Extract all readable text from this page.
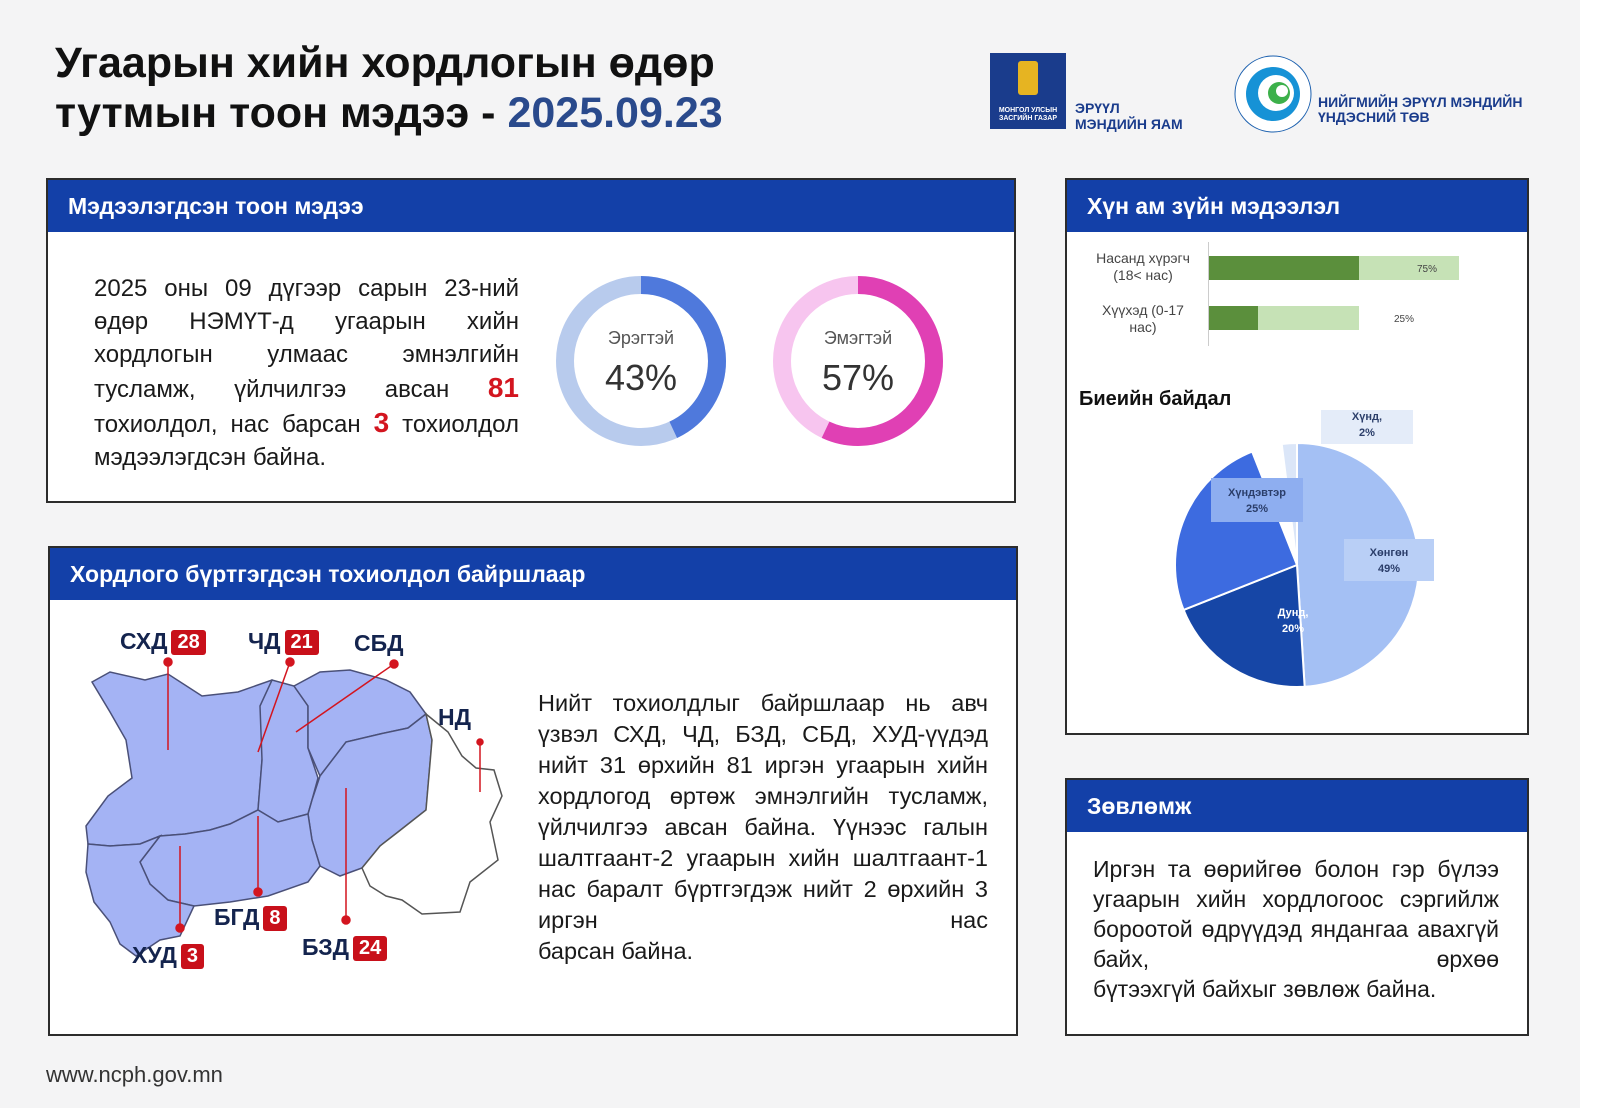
Угаарын хийн хордлогын өдөр
тутмын тоон мэдээ - 2025.09.23	МОНГОЛ УЛСЫН ЗАСГИЙН ГАЗАР
ЭРҮҮЛ
МЭНДИЙН ЯАМ
НИЙГМИЙН ЭРҮҮЛ МЭНДИЙН
ҮНДЭСНИЙ ТӨВ
Мэдээлэгдсэн тоон мэдээ

2025 оны 09 дүгээр сарын 23-ний өдөр НЭМҮТ-д угаарын хийн хордлогын улмаас эмнэлгийн тусламж, үйлчилгээ авсан 81 тохиолдол, нас барсан 3 тохиолдол

мэдээлэгдсэн байна.

Эрэгтэй
43%
Эмэгтэй
57%
Хордлого бүртгэгдсэн тохиолдол байршлаар
СХД 28 ЧД 21 СБД
НД
БГД 8
ХУД 3	БЗД 24

Нийт тохиолдлыг байршлаар нь авч үзвэл СХД, ЧД, БЗД, СБД, ХУД-үүдэд нийт 31 өрхийн 81 иргэн угаарын хийн хордлогод өртөж эмнэлгийн тусламж, үйлчилгээ авсан байна. Үүнээс галын шалтгаант-2 угаарын хийн шалтгаант-1 нас баралт бүртгэгдэж нийт 2 өрхийн 3 иргэн нас

барсан байна.

Хүн ам зүйн мэдээлэл
Насанд хүрэгч
(18< нас)
Хүүхэд (0-17
нас)
75%
25%
Биеийн байдал
Хүнд,
2%
Хөнгөн
49%
Дунд,
20%
Хүндэвтэр
25%
Зөвлөмж

Иргэн та өөрийгөө болон гэр бүлээ угаарын хийн хордлогоос сэргийлж бороотой өдрүүдэд яндангаа авахгүй байх, өрхөө

бүтээхгүй байхыг зөвлөж байна.

www.ncph.gov.mn
